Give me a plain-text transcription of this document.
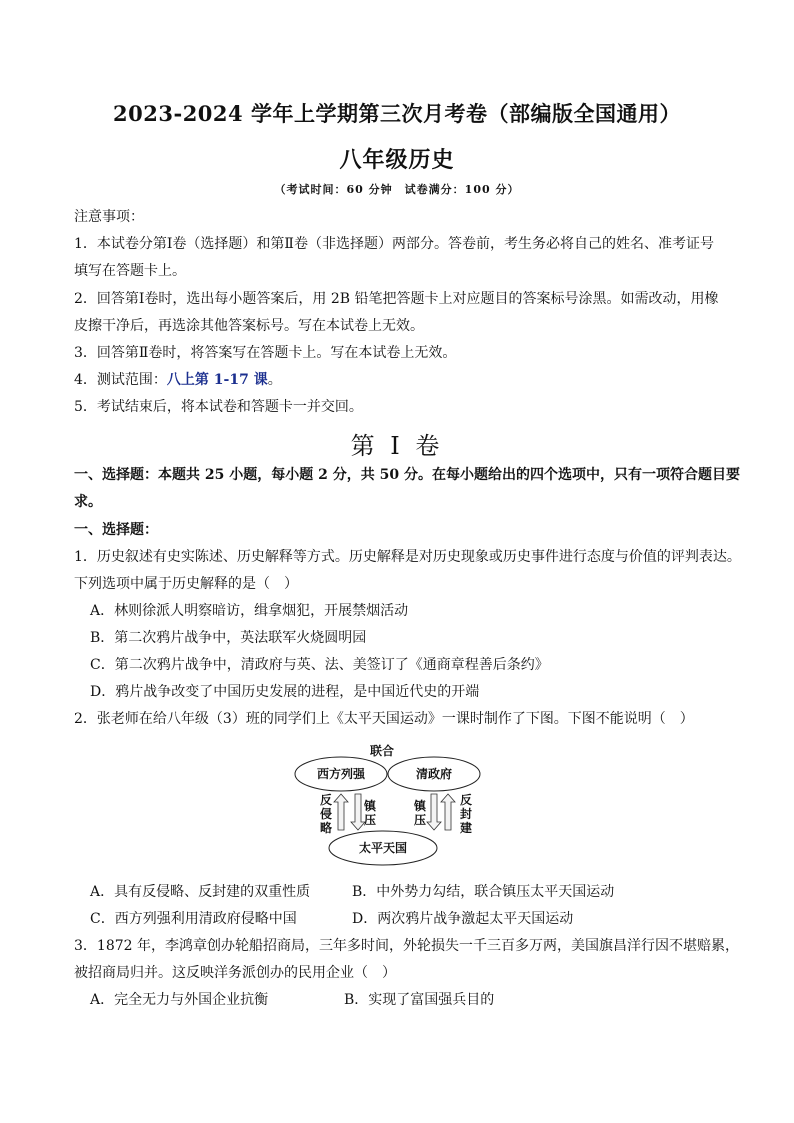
2023-2024 学年上学期第三次月考卷（部编版全国通用）
八年级历史
（考试时间：60 分钟　试卷满分：100 分）
注意事项：
1．本试卷分第Ⅰ卷（选择题）和第Ⅱ卷（非选择题）两部分。答卷前，考生务必将自己的姓名、准考证号
填写在答题卡上。
2．回答第Ⅰ卷时，选出每小题答案后，用 2B 铅笔把答题卡上对应题目的答案标号涂黑。如需改动，用橡
皮擦干净后，再选涂其他答案标号。写在本试卷上无效。
3．回答第Ⅱ卷时，将答案写在答题卡上。写在本试卷上无效。
4．测试范围：八上第 1-17 课。
5．考试结束后，将本试卷和答题卡一并交回。
第 I 卷
一、选择题：本题共 25 小题，每小题 2 分，共 50 分。在每小题给出的四个选项中，只有一项符合题目要
求。
一、选择题：
1．历史叙述有史实陈述、历史解释等方式。历史解释是对历史现象或历史事件进行态度与价值的评判表达。
下列选项中属于历史解释的是（　）
A．林则徐派人明察暗访，缉拿烟犯，开展禁烟活动
B．第二次鸦片战争中，英法联军火烧圆明园
C．第二次鸦片战争中，清政府与英、法、美签订了《通商章程善后条约》
D．鸦片战争改变了中国历史发展的进程，是中国近代史的开端
2．张老师在给八年级（3）班的同学们上《太平天国运动》一课时制作了下图。下图不能说明（　）
联合
西方列强	清政府
太平天国
反
侵
略
镇
压
镇
压
反
封
建
A．具有反侵略、反封建的双重性质	B．中外势力勾结，联合镇压太平天国运动
C．西方列强利用清政府侵略中国	D．两次鸦片战争激起太平天国运动
3．1872 年，李鸿章创办轮船招商局，三年多时间，外轮损失一千三百多万两，美国旗昌洋行因不堪赔累，
被招商局归并。这反映洋务派创办的民用企业（　）
A．完全无力与外国企业抗衡	B．实现了富国强兵目的
